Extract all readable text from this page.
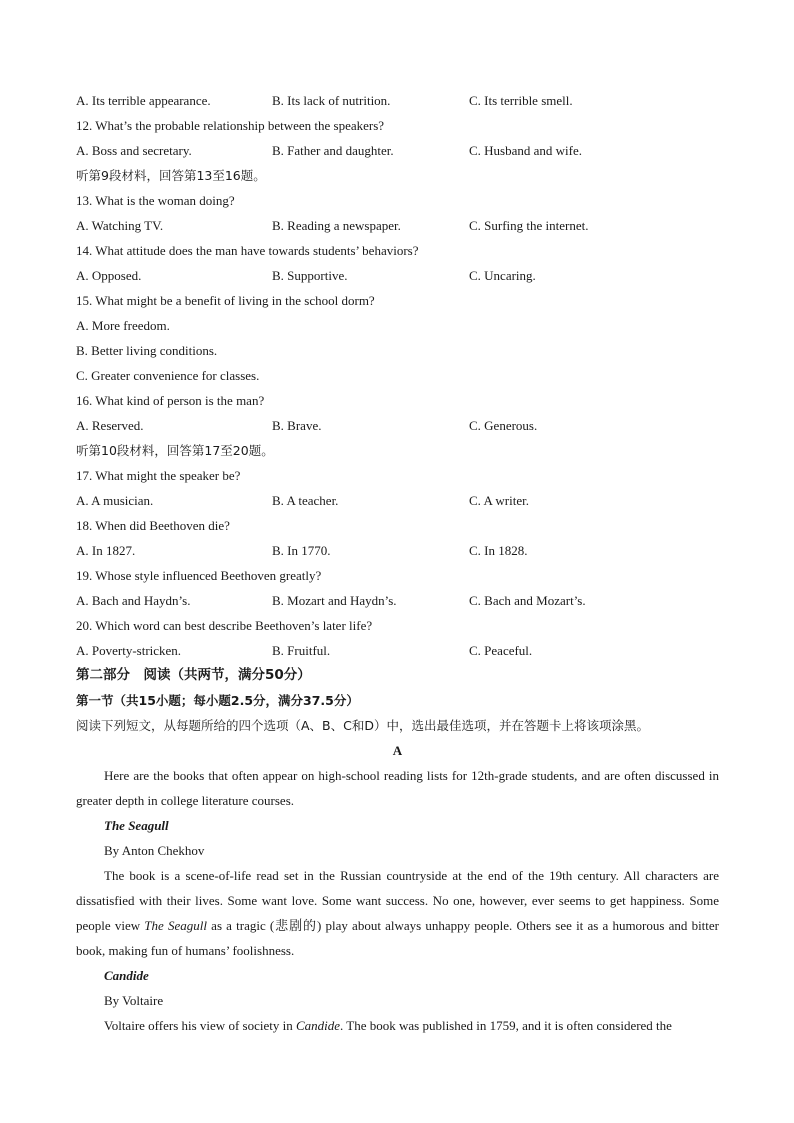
A. Its terrible appearance.	B. Its lack of nutrition.	C. Its terrible smell.
12. What’s the probable relationship between the speakers?
A. Boss and secretary.	B. Father and daughter.	C. Husband and wife.
听第9段材料，回答第13至16题。
13. What is the woman doing?
A. Watching TV.	B. Reading a newspaper.	C. Surfing the internet.
14. What attitude does the man have towards students’ behaviors?
A. Opposed.	B. Supportive.	C. Uncaring.
15. What might be a benefit of living in the school dorm?
A. More freedom.
B. Better living conditions.
C. Greater convenience for classes.
16. What kind of person is the man?
A. Reserved.	B. Brave.	C. Generous.
听第10段材料，回答第17至20题。
17. What might the speaker be?
A. A musician.	B. A teacher.	C. A writer.
18. When did Beethoven die?
A. In 1827.	B. In 1770.	C. In 1828.
19. Whose style influenced Beethoven greatly?
A. Bach and Haydn’s.	B. Mozart and Haydn’s.	C. Bach and Mozart’s.
20. Which word can best describe Beethoven’s later life?
A. Poverty-stricken.	B. Fruitful.	C. Peaceful.
第二部分　阅读（共两节，满分50分）
第一节（共15小题；每小题2.5分，满分37.5分）
阅读下列短文，从每题所给的四个选项（A、B、C和D）中，选出最佳选项，并在答题卡上将该项涂黑。
A

Here are the books that often appear on high-school reading lists for 12th-grade students, and are often discussed in greater depth in college literature courses.

The Seagull
By Anton Chekhov

The book is a scene-of-life read set in the Russian countryside at the end of the 19th century. All characters are dissatisfied with their lives. Some want love. Some want success. No one, however, ever seems to get happiness. Some people view The Seagull as a tragic (悲剧的) play about always unhappy people. Others see it as a humorous and bitter book, making fun of humans’ foolishness.

Candide
By Voltaire

Voltaire offers his view of society in Candide. The book was published in 1759, and it is often considered the
